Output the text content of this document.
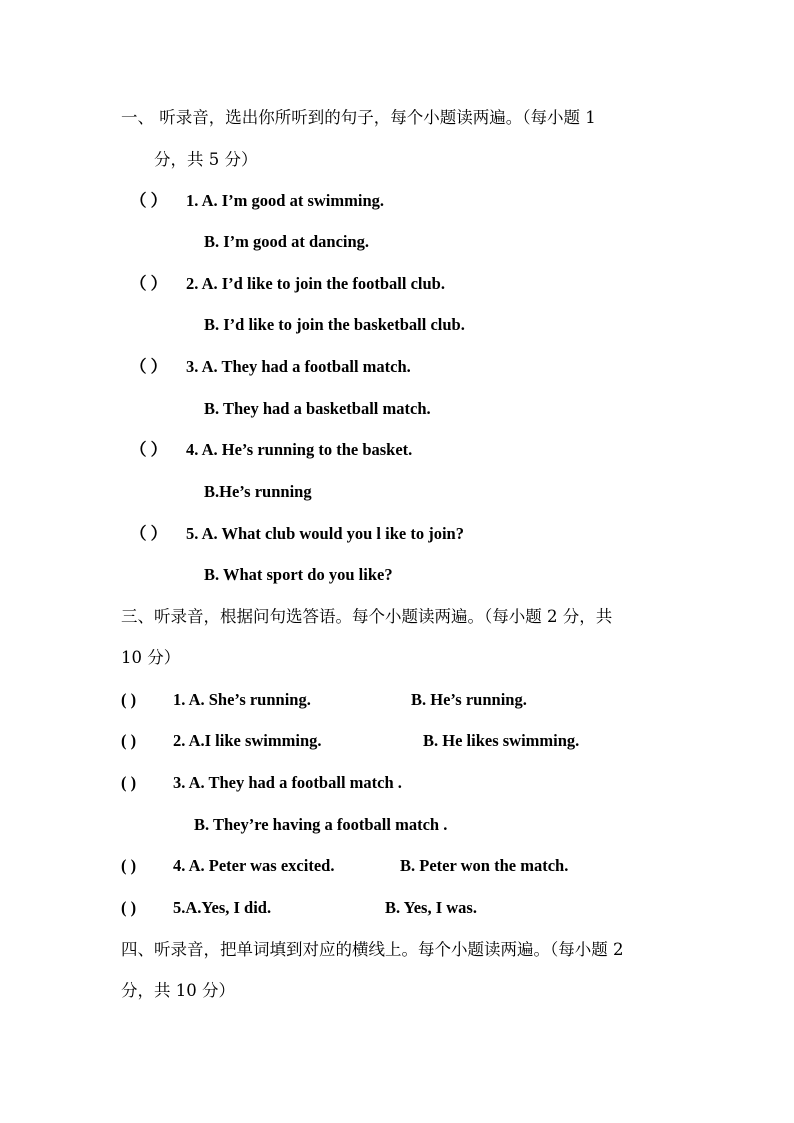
一、 听录音，选出你所听到的句子，每个小题读两遍。（每小题 1
分，共 5 分）
（ ） 1. A. I’m good at swimming.
B. I’m good at dancing.
（ ） 2. A. I’d like to join the football club.
B. I’d like to join the basketball club.
（ ） 3. A. They had a football match.
B. They had a basketball match.
（ ） 4. A. He’s running to the basket.
B.He’s running
（ ） 5. A. What club would you l ike to join?
B. What sport do you like?
三、听录音，根据问句选答语。每个小题读两遍。（每小题 2 分，共
10 分）
( ) 1. A. She’s running.	B. He’s running.
( ) 2. A.I like swimming.	B. He likes swimming.
( ) 3. A. They had a football match .
B. They’re having a football match .
( ) 4. A. Peter was excited.	B. Peter won the match.
( ) 5.A.Yes, I did.	B. Yes, I was.
四、听录音，把单词填到对应的横线上。每个小题读两遍。（每小题 2
分，共 10 分）
